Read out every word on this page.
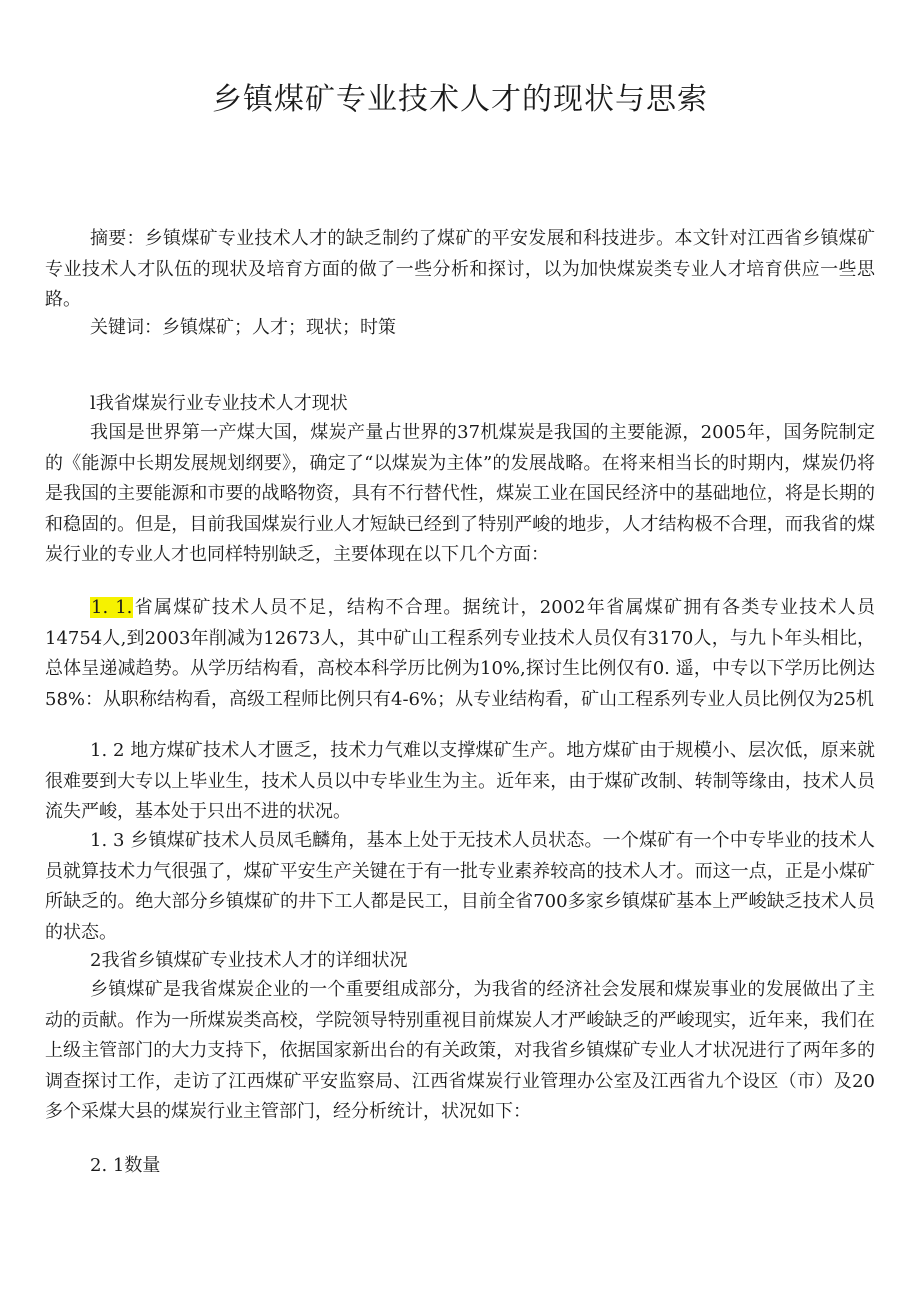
乡镇煤矿专业技术人才的现状与思索

摘要：乡镇煤矿专业技术人才的缺乏制约了煤矿的平安发展和科技进步。本文针对江西省乡镇煤矿专业技术人才队伍的现状及培育方面的做了一些分析和探讨，以为加快煤炭类专业人才培育供应一些思路。

关键词：乡镇煤矿；人才；现状；时策

l我省煤炭行业专业技术人才现状

我国是世界第一产煤大国，煤炭产量占世界的37机煤炭是我国的主要能源，2005年，国务院制定的《能源中长期发展规划纲要》，确定了“以煤炭为主体”的发展战略。在将来相当长的时期内，煤炭仍将是我国的主要能源和市要的战略物资，具有不行替代性，煤炭工业在国民经济中的基础地位，将是长期的和稳固的。但是，目前我国煤炭行业人才短缺已经到了特别严峻的地步，人才结构极不合理，而我省的煤炭行业的专业人才也同样特别缺乏，主要体现在以下几个方面：

1. 1.省属煤矿技术人员不足，结构不合理。据统计，2002年省属煤矿拥有各类专业技术人员14754人,到2003年削减为12673人，其中矿山工程系列专业技术人员仅有3170人，与九卜年头相比，总体呈递减趋势。从学历结构看，高校本科学历比例为10%,探讨生比例仅有0. 遥，中专以下学历比例达58%：从职称结构看，高级工程师比例只有4-6%；从专业结构看，矿山工程系列专业人员比例仅为25机

1. 2 地方煤矿技术人才匮乏，技术力气难以支撑煤矿生产。地方煤矿由于规模小、层次低，原来就很难要到大专以上毕业生，技术人员以中专毕业生为主。近年来，由于煤矿改制、转制等缘由，技术人员流失严峻，基本处于只出不进的状况。

1. 3 乡镇煤矿技术人员凤毛麟角，基本上处于无技术人员状态。一个煤矿有一个中专毕业的技术人员就算技术力气很强了，煤矿平安生产关键在于有一批专业素养较高的技术人才。而这一点，正是小煤矿所缺乏的。绝大部分乡镇煤矿的井下工人都是民工，目前全省700多家乡镇煤矿基本上严峻缺乏技术人员的状态。

2我省乡镇煤矿专业技术人才的详细状况

乡镇煤矿是我省煤炭企业的一个重要组成部分，为我省的经济社会发展和煤炭事业的发展做出了主动的贡献。作为一所煤炭类高校，学院领导特别重视目前煤炭人才严峻缺乏的严峻现实，近年来，我们在上级主管部门的大力支持下，依据国家新出台的有关政策，对我省乡镇煤矿专业人才状况进行了两年多的调查探讨工作，走访了江西煤矿平安监察局、江西省煤炭行业管理办公室及江西省九个设区（市）及20多个采煤大县的煤炭行业主管部门，经分析统计，状况如下：

2. 1数量
